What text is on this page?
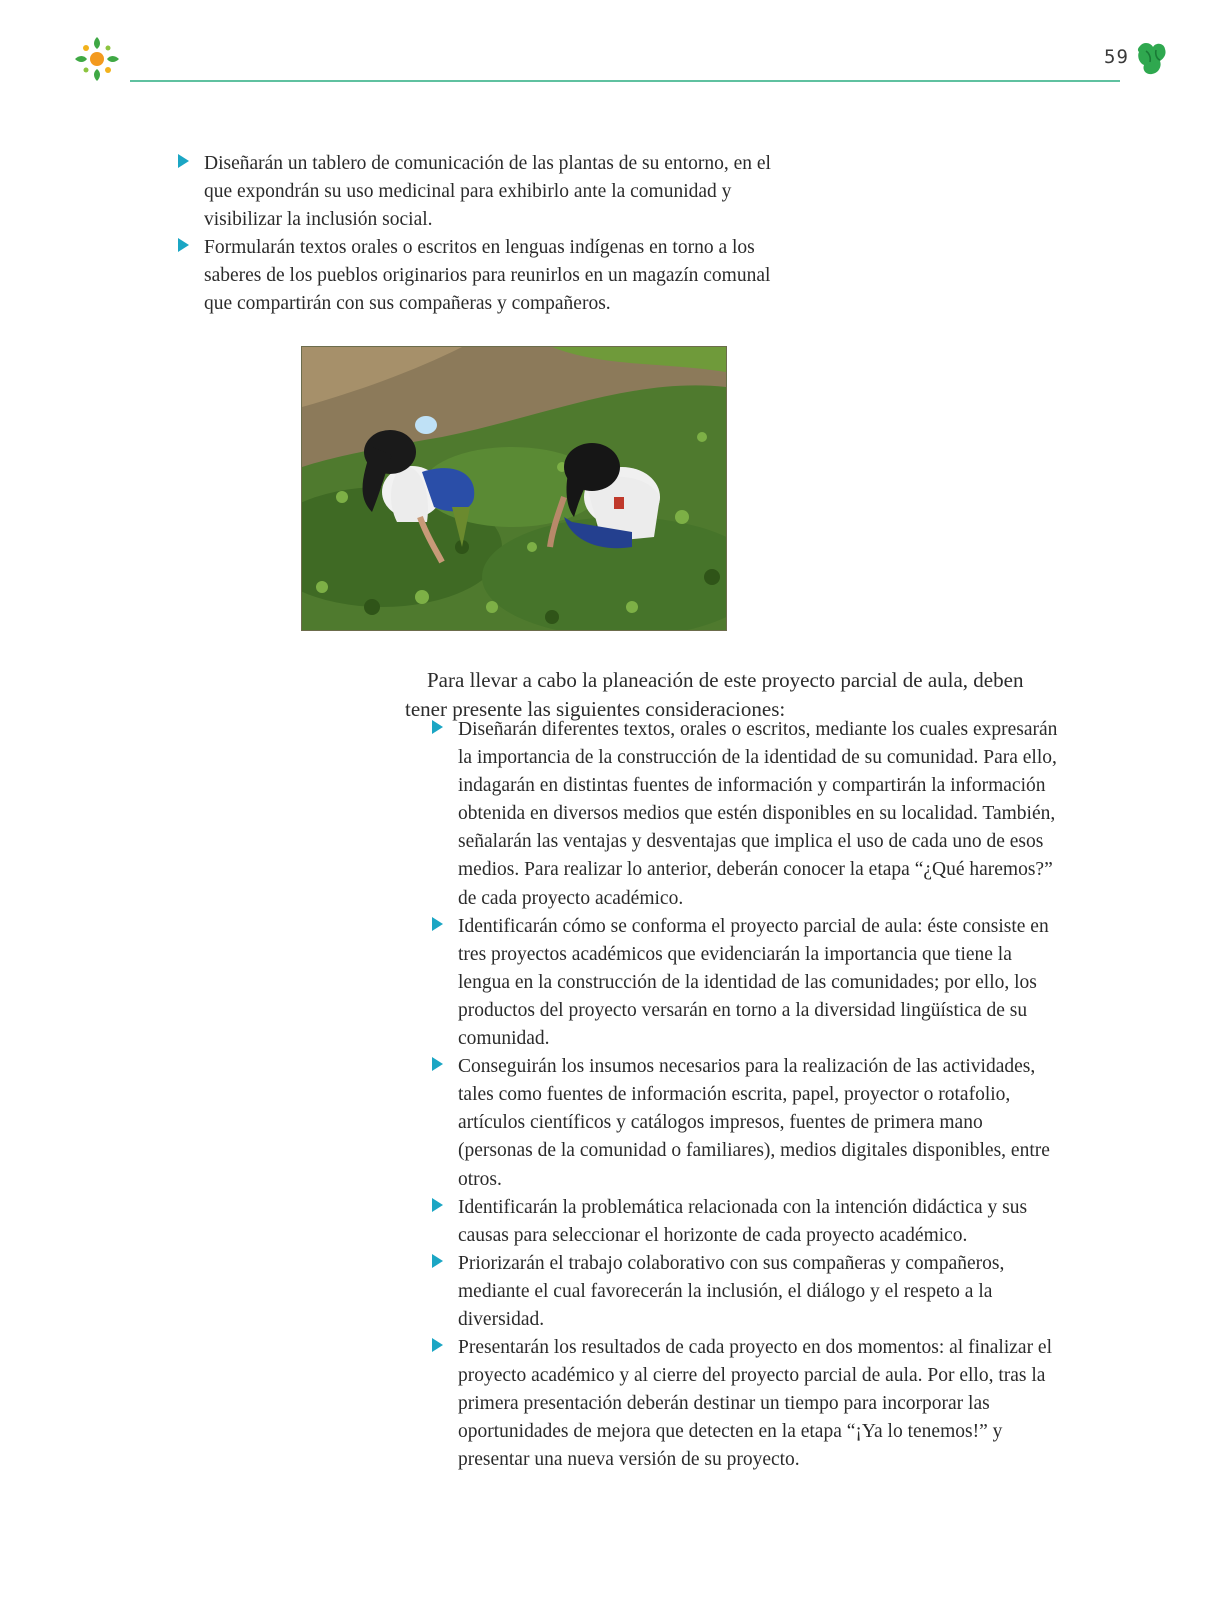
59
Diseñarán un tablero de comunicación de las plantas de su entorno, en el que expondrán su uso medicinal para exhibirlo ante la comunidad y visibilizar la inclusión social.
Formularán textos orales o escritos en lenguas indígenas en torno a los saberes de los pueblos originarios para reunirlos en un magazín comunal que compartirán con sus compañeras y compañeros.

Para llevar a cabo la planeación de este proyecto parcial de aula, deben tener presente las siguientes consideraciones:

Diseñarán diferentes textos, orales o escritos, mediante los cuales expresarán la importancia de la construcción de la identidad de su comunidad. Para ello, indagarán en distintas fuentes de información y compartirán la información obtenida en diversos medios que estén disponibles en su localidad. También, señalarán las ventajas y desventajas que implica el uso de cada uno de esos medios. Para realizar lo anterior, deberán conocer la etapa “¿Qué haremos?” de cada proyecto académico.
Identificarán cómo se conforma el proyecto parcial de aula: éste consiste en tres proyectos académicos que evidenciarán la importancia que tiene la lengua en la construcción de la identidad de las comunidades; por ello, los productos del proyecto versarán en torno a la diversidad lingüística de su comunidad.
Conseguirán los insumos necesarios para la realización de las actividades, tales como fuentes de información escrita, papel, proyector o rotafolio, artículos científicos y catálogos impresos, fuentes de primera mano (personas de la comunidad o familiares), medios digitales disponibles, entre otros.
Identificarán la problemática relacionada con la intención didáctica y sus causas para seleccionar el horizonte de cada proyecto académico.
Priorizarán el trabajo colaborativo con sus compañeras y compañeros, mediante el cual favorecerán la inclusión, el diálogo y el respeto a la diversidad.
Presentarán los resultados de cada proyecto en dos momentos: al finalizar el proyecto académico y al cierre del proyecto parcial de aula. Por ello, tras la primera presentación deberán destinar un tiempo para incorporar las oportunidades de mejora que detecten en la etapa “¡Ya lo tenemos!” y presentar una nueva versión de su proyecto.
